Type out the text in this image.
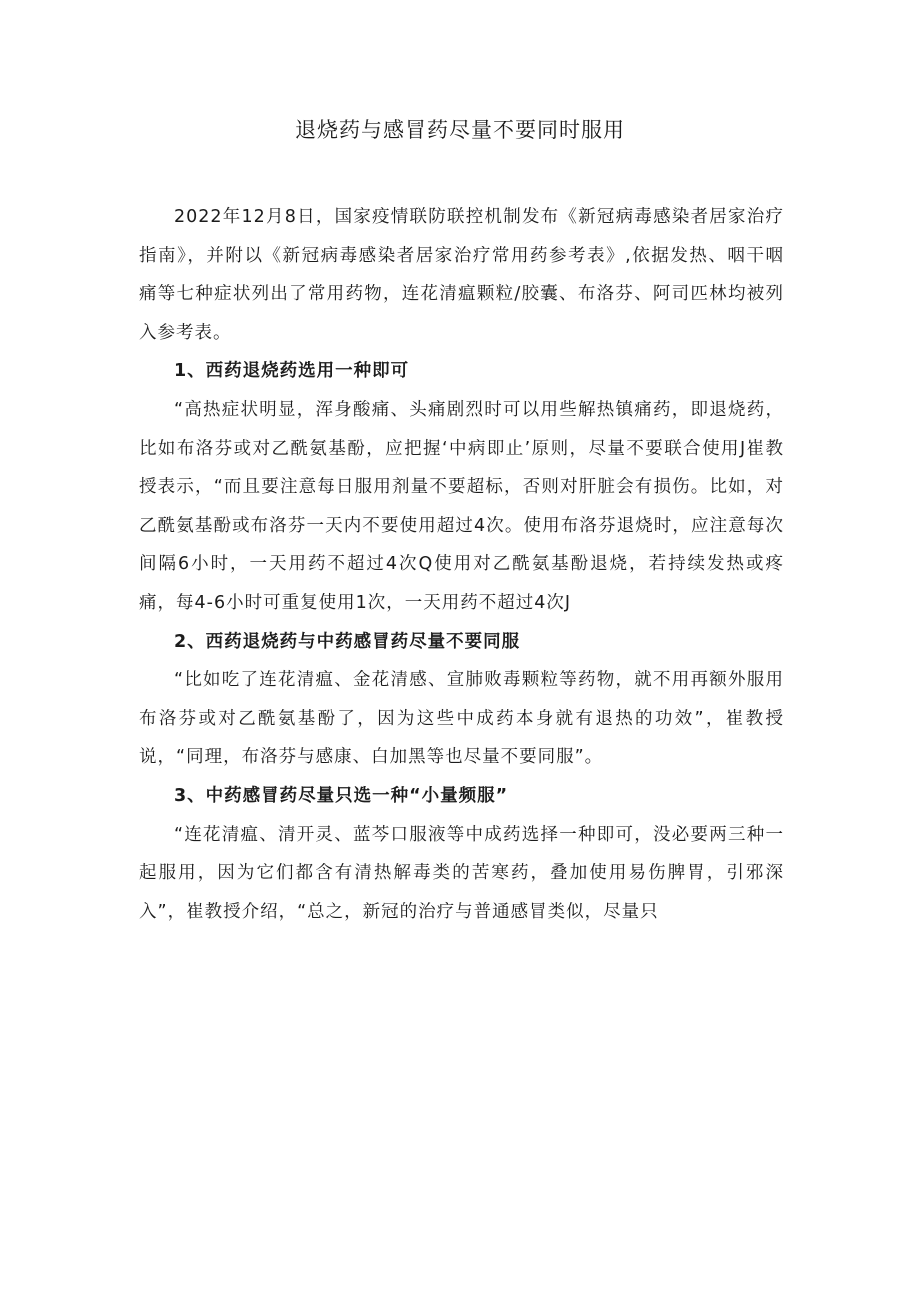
退烧药与感冒药尽量不要同时服用

2022年12月8日，国家疫情联防联控机制发布《新冠病毒感染者居家治疗指南》，并附以《新冠病毒感染者居家治疗常用药参考表》,依据发热、咽干咽痛等七种症状列出了常用药物，连花清瘟颗粒/胶囊、布洛芬、阿司匹林均被列入参考表。

1、西药退烧药选用一种即可

“高热症状明显，浑身酸痛、头痛剧烈时可以用些解热镇痛药，即退烧药，比如布洛芬或对乙酰氨基酚，应把握‘中病即止’原则，尽量不要联合使用J崔教授表示，“而且要注意每日服用剂量不要超标，否则对肝脏会有损伤。比如，对乙酰氨基酚或布洛芬一天内不要使用超过4次。使用布洛芬退烧时，应注意每次间隔6小时，一天用药不超过4次Q使用对乙酰氨基酚退烧，若持续发热或疼痛，每4-6小时可重复使用1次，一天用药不超过4次J

2、西药退烧药与中药感冒药尽量不要同服

“比如吃了连花清瘟、金花清感、宣肺败毒颗粒等药物，就不用再额外服用布洛芬或对乙酰氨基酚了，因为这些中成药本身就有退热的功效”，崔教授说，“同理，布洛芬与感康、白加黑等也尽量不要同服”。

3、中药感冒药尽量只选一种“小量频服”

“连花清瘟、清开灵、蓝芩口服液等中成药选择一种即可，没必要两三种一起服用，因为它们都含有清热解毒类的苦寒药，叠加使用易伤脾胃，引邪深入”，崔教授介绍，“总之，新冠的治疗与普通感冒类似，尽量只
